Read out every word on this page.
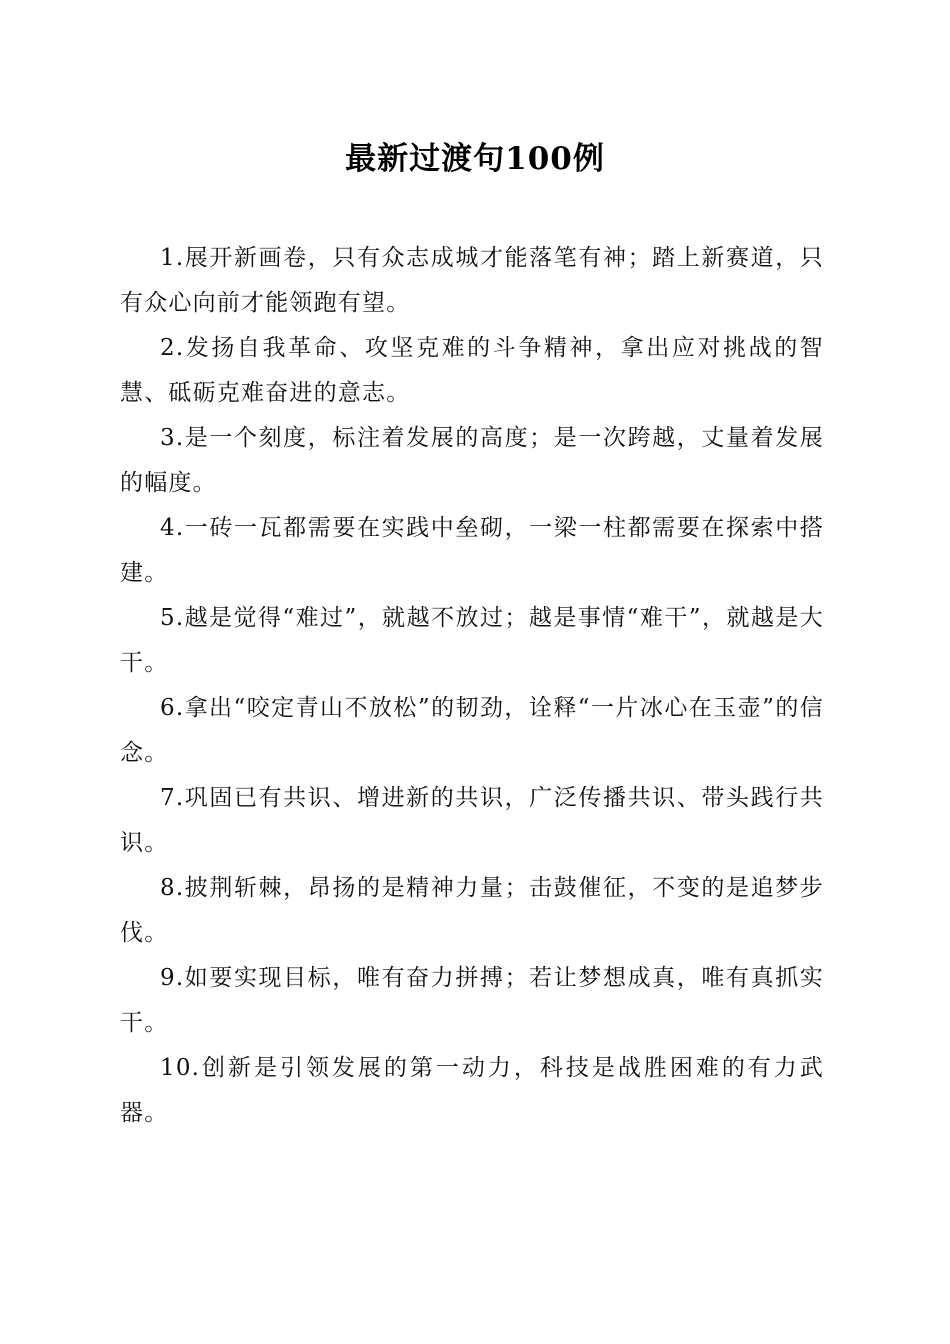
最新过渡句100例

1.展开新画卷，只有众志成城才能落笔有神；踏上新赛道，只有众心向前才能领跑有望。

2.发扬自我革命、攻坚克难的斗争精神，拿出应对挑战的智慧、砥砺克难奋进的意志。

3.是一个刻度，标注着发展的高度；是一次跨越，丈量着发展的幅度。

4.一砖一瓦都需要在实践中垒砌，一梁一柱都需要在探索中搭建。

5.越是觉得“难过”，就越不放过；越是事情“难干”，就越是大干。

6.拿出“咬定青山不放松”的韧劲，诠释“一片冰心在玉壶”的信念。

7.巩固已有共识、增进新的共识，广泛传播共识、带头践行共识。

8.披荆斩棘，昂扬的是精神力量；击鼓催征，不变的是追梦步伐。

9.如要实现目标，唯有奋力拼搏；若让梦想成真，唯有真抓实干。

10.创新是引领发展的第一动力，科技是战胜困难的有力武器。
